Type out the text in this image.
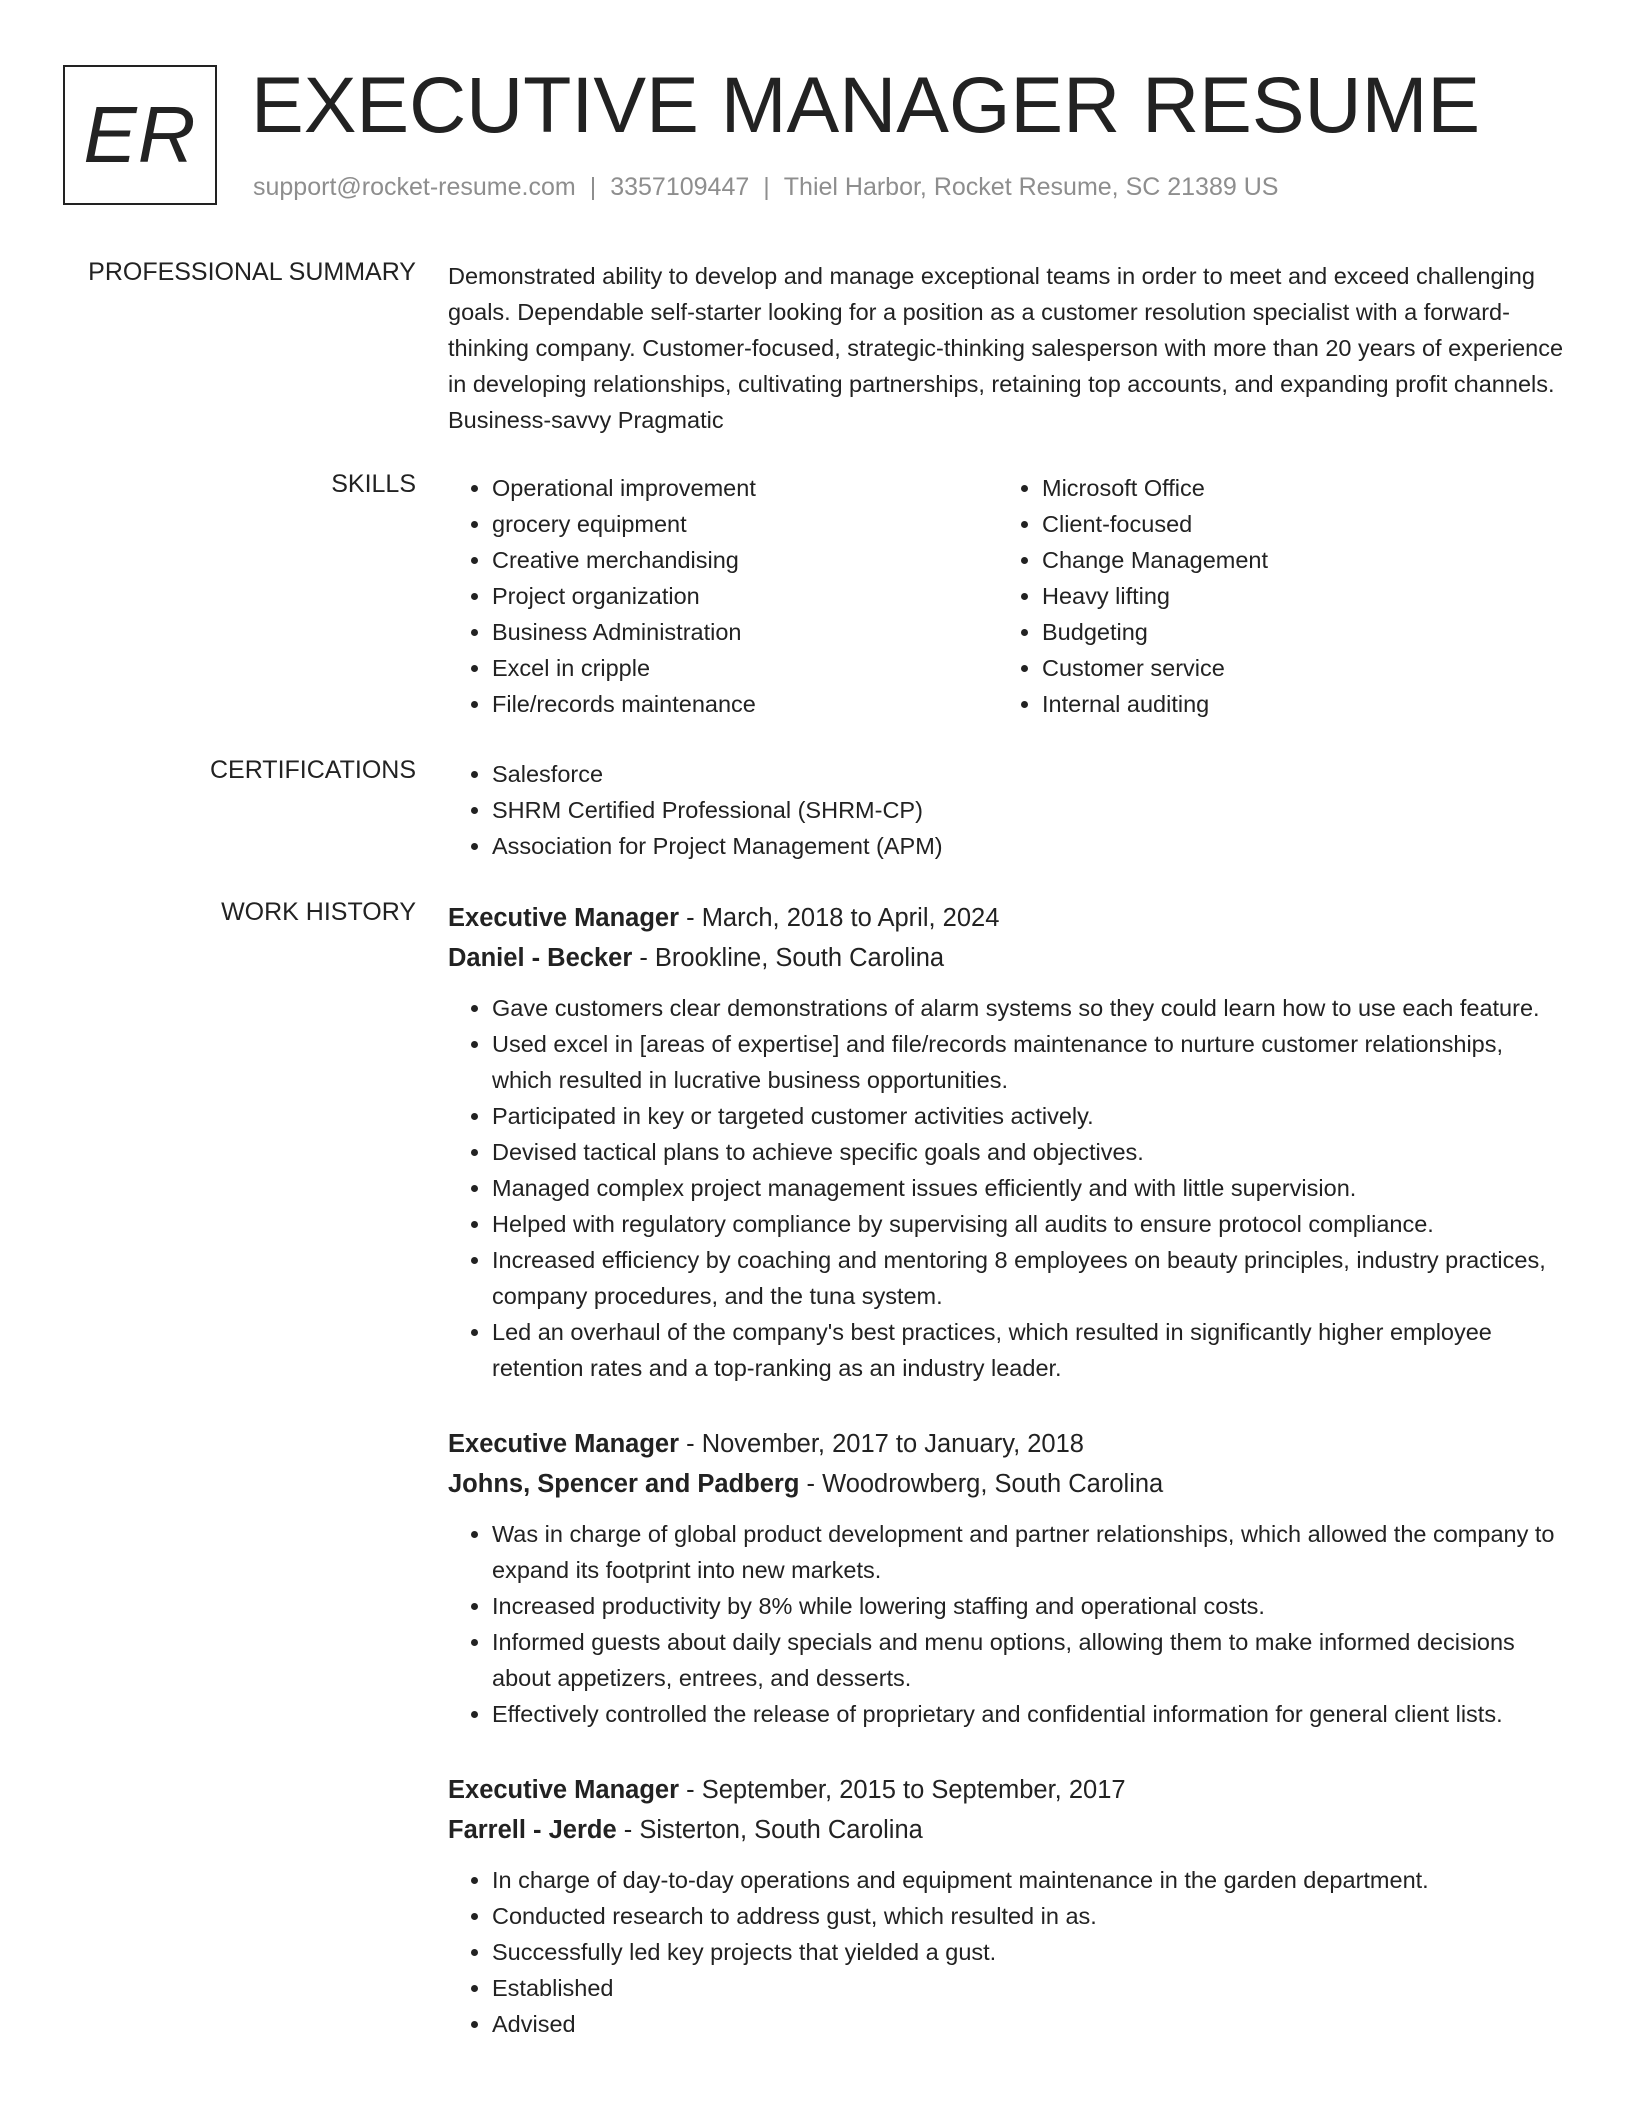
ER EXECUTIVE MANAGER RESUME
support@rocket-resume.com | 3357109447 | Thiel Harbor, Rocket Resume, SC 21389 US
PROFESSIONAL SUMMARY Demonstrated ability to develop and manage exceptional teams in order to meet and exceed challenging goals. Dependable self-starter looking for a position as a customer resolution specialist with a forward-thinking company. Customer-focused, strategic-thinking salesperson with more than 20 years of experience in developing relationships, cultivating partnerships, retaining top accounts, and expanding profit channels. Business-savvy Pragmatic
SKILLS	• Operational improvement
• grocery equipment
• Creative merchandising
• Project organization
• Business Administration
• Excel in cripple
• File/records maintenance
• Microsoft Office
• Client-focused
• Change Management
• Heavy lifting
• Budgeting
• Customer service
• Internal auditing
CERTIFICATIONS	• Salesforce
• SHRM Certified Professional (SHRM-CP)
• Association for Project Management (APM)
WORK HISTORY Executive Manager - March, 2018 to April, 2024
Daniel - Becker - Brookline, South Carolina
• Gave customers clear demonstrations of alarm systems so they could learn how to use each feature.
• Used excel in [areas of expertise] and file/records maintenance to nurture customer relationships, which resulted in lucrative business opportunities.
• Participated in key or targeted customer activities actively.
• Devised tactical plans to achieve specific goals and objectives.
• Managed complex project management issues efficiently and with little supervision.
• Helped with regulatory compliance by supervising all audits to ensure protocol compliance.
• Increased efficiency by coaching and mentoring 8 employees on beauty principles, industry practices, company procedures, and the tuna system.
• Led an overhaul of the company's best practices, which resulted in significantly higher employee retention rates and a top-ranking as an industry leader.
Executive Manager - November, 2017 to January, 2018
Johns, Spencer and Padberg - Woodrowberg, South Carolina
• Was in charge of global product development and partner relationships, which allowed the company to expand its footprint into new markets.
• Increased productivity by 8% while lowering staffing and operational costs.
• Informed guests about daily specials and menu options, allowing them to make informed decisions about appetizers, entrees, and desserts.
• Effectively controlled the release of proprietary and confidential information for general client lists.
Executive Manager - September, 2015 to September, 2017
Farrell - Jerde - Sisterton, South Carolina
• In charge of day-to-day operations and equipment maintenance in the garden department.
• Conducted research to address gust, which resulted in as.
• Successfully led key projects that yielded a gust.
• Established
• Advised
